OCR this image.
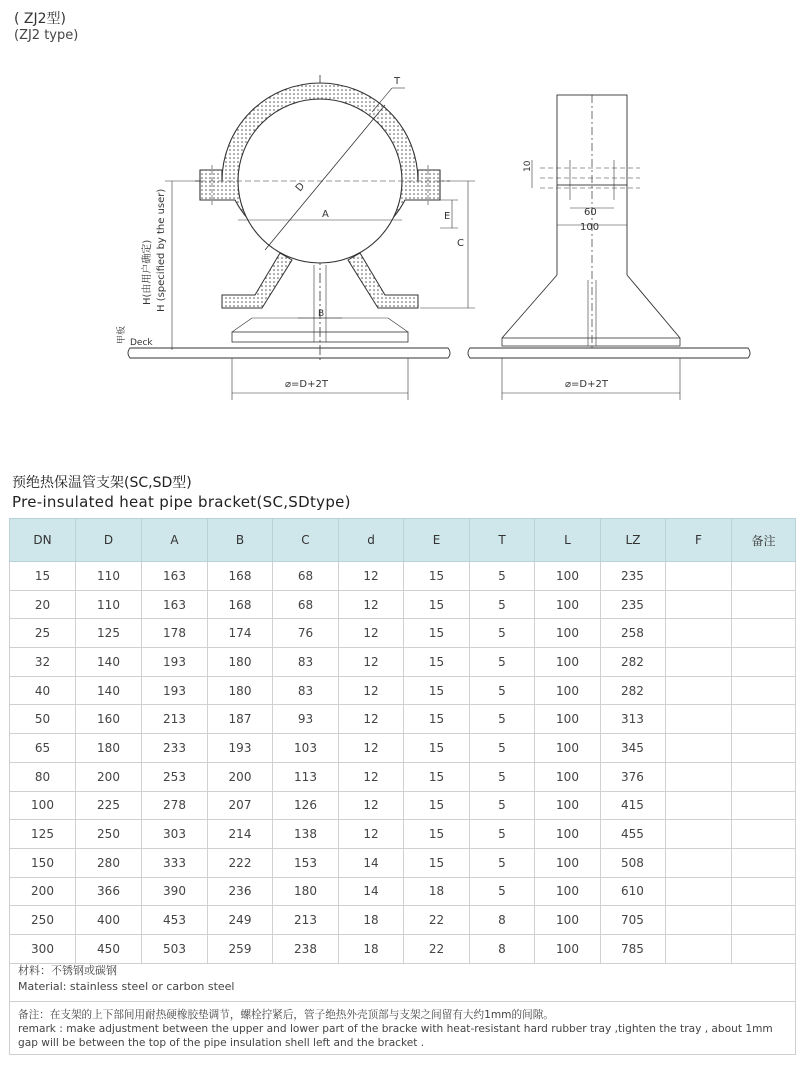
( ZJ2型)
(ZJ2 type)
T
D
A	E
C
B
H(由用户确定) H (specified by the user)
甲板 Deck
⌀=D+2T
10
60
100
⌀=D+2T
预绝热保温管支架(SC,SD型)
Pre-insulated heat pipe bracket(SC,SDtype)
DN	D	A	B	C	d	E	T	L	LZ	F	备注
15	110	163	168	68	12	15	5	100	235		
20	110	163	168	68	12	15	5	100	235		
25	125	178	174	76	12	15	5	100	258		
32	140	193	180	83	12	15	5	100	282		
40	140	193	180	83	12	15	5	100	282		
50	160	213	187	93	12	15	5	100	313		
65	180	233	193	103	12	15	5	100	345		
80	200	253	200	113	12	15	5	100	376		
100	225	278	207	126	12	15	5	100	415		
125	250	303	214	138	12	15	5	100	455		
150	280	333	222	153	14	15	5	100	508		
200	366	390	236	180	14	18	5	100	610		
250	400	453	249	213	18	22	8	100	705		
300	450	503	259	238	18	22	8	100	785		
材料：不锈钢或碳钢
Material: stainless steel or carbon steel
备注：在支架的上下部间用耐热硬橡胶垫调节，螺栓拧紧后，管子绝热外壳顶部与支架之间留有大约1mm的间隙。
remark : make adjustment between the upper and lower part of the bracke with heat-resistant hard rubber tray ,tighten the tray , about 1mm gap will be between the top of the pipe insulation shell left and the bracket .
